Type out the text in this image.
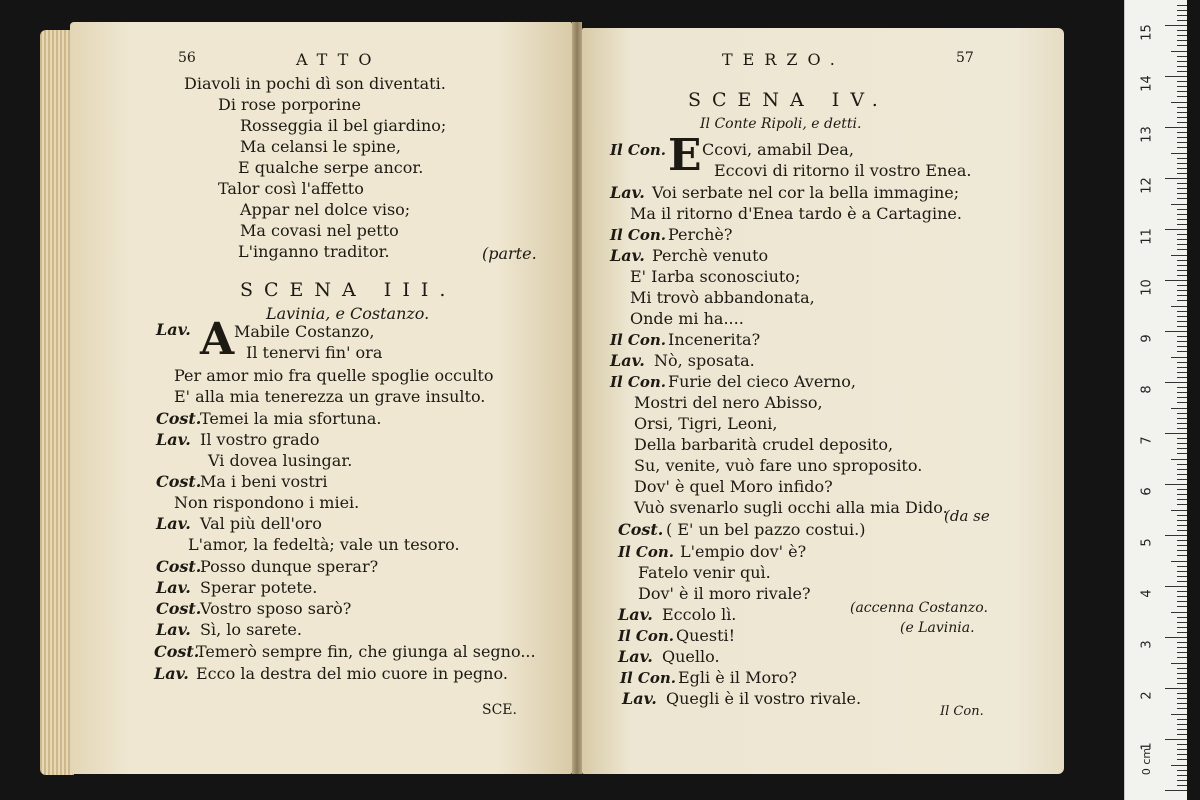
56	ATTO
Diavoli in pochi dì son diventati.
Di rose porporine
Rosseggia il bel giardino;
Ma celansi le spine,
E qualche serpe ancor.
Talor così l'affetto
Appar nel dolce viso;
Ma covasi nel petto
L'inganno traditor.	(parte.
SCENA III.
Lavinia, e Costanzo.
A
Lav.	Mabile Costanzo,
Il tenervi fin' ora
Per amor mio fra quelle spoglie occulto
E' alla mia tenerezza un grave insulto.
Cost.
Temei la mia sfortuna.
Lav. Il vostro grado
Vi dovea lusingar.
Cost.
Ma i beni vostri
Non rispondono i miei.
Lav. Val più dell'oro
L'amor, la fedeltà; vale un tesoro.
Cost.
Posso dunque sperar?
Lav. Sperar potete.
Cost.
Vostro sposo sarò?
Lav. Sì, lo sarete.
Cost.
Temerò sempre fin, che giunga al segno...
Lav. Ecco la destra del mio cuore in pegno.
SCE.
TERZO.	57
SCENA IV.
Il Conte Ripoli, e detti.
E
Il Con. Ccovi, amabil Dea,
Eccovi di ritorno il vostro Enea.
Lav. Voi serbate nel cor la bella immagine;
Ma il ritorno d'Enea tardo è a Cartagine.
Il Con. Perchè?
Lav. Perchè venuto
E' Iarba sconosciuto;
Mi trovò abbandonata,
Onde mi ha....
Il Con. Incenerita?
Lav. Nò, sposata.
Il Con. Furie del cieco Averno,
Mostri del nero Abisso,
Orsi, Tigri, Leoni,
Della barbarità crudel deposito,
Su, venite, vuò fare uno sproposito.
Dov' è quel Moro infido?
Vuò svenarlo sugli occhi alla mia Dido.
Cost. ( E' un bel pazzo costui.)
(da se
Il Con. L'empio dov' è?
Fatelo venir quì.
Dov' è il moro rivale?
Lav. Eccolo lì.	(accenna Costanzo.
Il Con. Questi!	(e Lavinia.
Lav. Quello.
Il Con. Egli è il Moro?
Lav. Quegli è il vostro rivale.
Il Con.
0 cm
1
2
3
4
5
6
7
8
9
10
11
12
13
14
15
